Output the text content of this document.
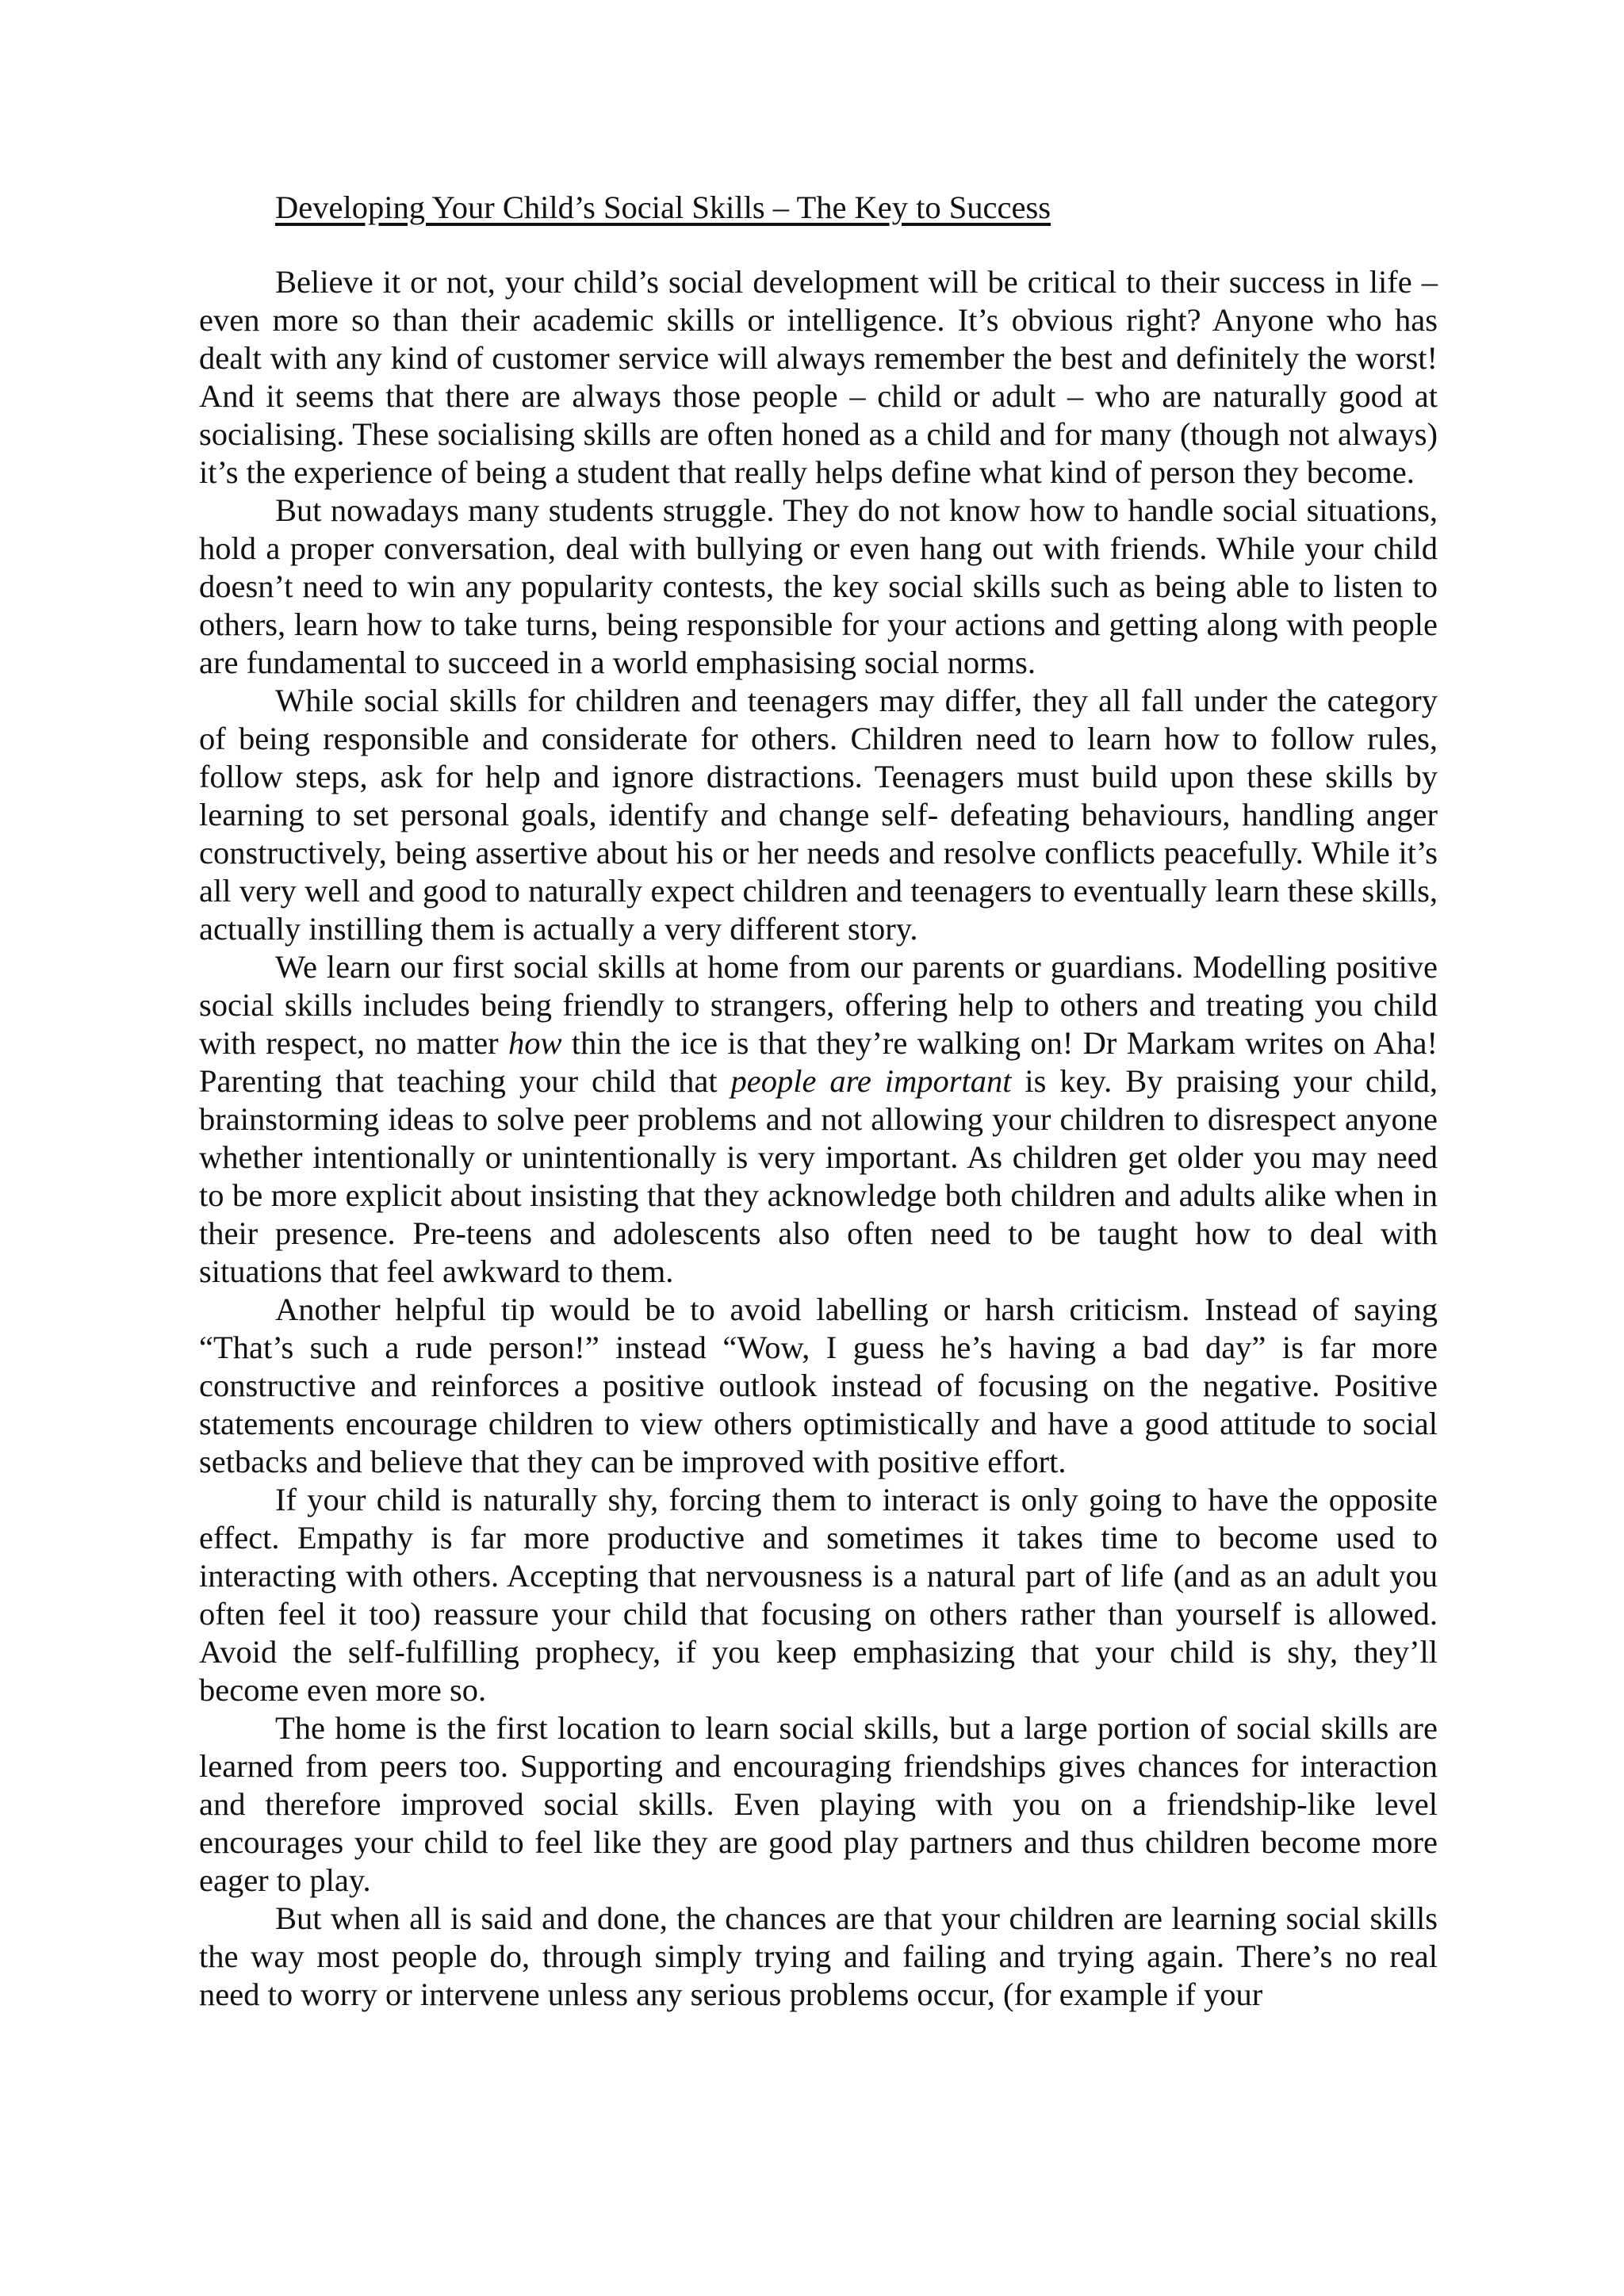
Developing Your Child’s Social Skills – The Key to Success

Believe it or not, your child’s social development will be critical to their success in life – even more so than their academic skills or intelligence. It’s obvious right? Anyone who has dealt with any kind of customer service will always remember the best and definitely the worst! And it seems that there are always those people – child or adult – who are naturally good at socialising. These socialising skills are often honed as a child and for many (though not always) it’s the experience of being a student that really helps define what kind of person they become.

But nowadays many students struggle. They do not know how to handle social situations, hold a proper conversation, deal with bullying or even hang out with friends. While your child doesn’t need to win any popularity contests, the key social skills such as being able to listen to others, learn how to take turns, being responsible for your actions and getting along with people are fundamental to succeed in a world emphasising social norms.

While social skills for children and teenagers may differ, they all fall under the category of being responsible and considerate for others. Children need to learn how to follow rules, follow steps, ask for help and ignore distractions. Teenagers must build upon these skills by learning to set personal goals, identify and change self- defeating behaviours, handling anger constructively, being assertive about his or her needs and resolve conflicts peacefully. While it’s all very well and good to naturally expect children and teenagers to eventually learn these skills, actually instilling them is actually a very different story.

We learn our first social skills at home from our parents or guardians. Modelling positive social skills includes being friendly to strangers, offering help to others and treating you child with respect, no matter how thin the ice is that they’re walking on! Dr Markam writes on Aha! Parenting that teaching your child that people are important is key. By praising your child, brainstorming ideas to solve peer problems and not allowing your children to disrespect anyone whether intentionally or unintentionally is very important. As children get older you may need to be more explicit about insisting that they acknowledge both children and adults alike when in their presence. Pre-teens and adolescents also often need to be taught how to deal with situations that feel awkward to them.

Another helpful tip would be to avoid labelling or harsh criticism. Instead of saying “That’s such a rude person!” instead “Wow, I guess he’s having a bad day” is far more constructive and reinforces a positive outlook instead of focusing on the negative. Positive statements encourage children to view others optimistically and have a good attitude to social setbacks and believe that they can be improved with positive effort.

If your child is naturally shy, forcing them to interact is only going to have the opposite effect. Empathy is far more productive and sometimes it takes time to become used to interacting with others. Accepting that nervousness is a natural part of life (and as an adult you often feel it too) reassure your child that focusing on others rather than yourself is allowed. Avoid the self-fulfilling prophecy, if you keep emphasizing that your child is shy, they’ll become even more so.

The home is the first location to learn social skills, but a large portion of social skills are learned from peers too. Supporting and encouraging friendships gives chances for interaction and therefore improved social skills. Even playing with you on a friendship-like level encourages your child to feel like they are good play partners and thus children become more eager to play.

But when all is said and done, the chances are that your children are learning social skills the way most people do, through simply trying and failing and trying again. There’s no real need to worry or intervene unless any serious problems occur, (for example if your
